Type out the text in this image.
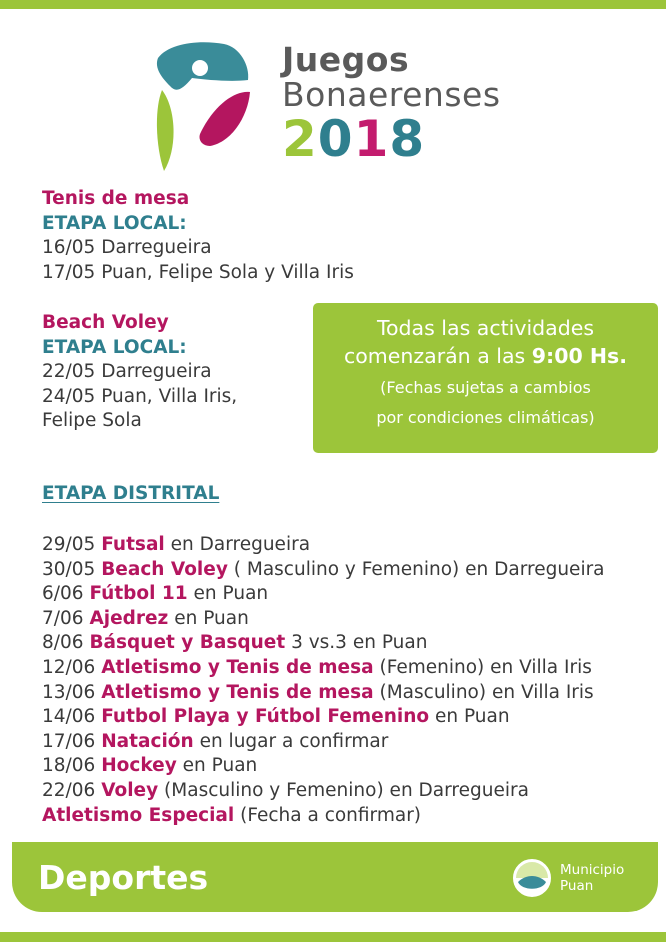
Juegos
Bonaerenses
2018
Tenis de mesa
ETAPA LOCAL:
16/05 Darregueira
17/05 Puan, Felipe Sola y Villa Iris
Beach Voley
ETAPA LOCAL:
22/05 Darregueira
24/05 Puan, Villa Iris,
Felipe Sola
Todas las actividades
comenzarán a las 9:00 Hs.
(Fechas sujetas a cambios
por condiciones climáticas)
ETAPA DISTRITAL
29/05 Futsal en Darregueira
30/05 Beach Voley ( Masculino y Femenino) en Darregueira
6/06 Fútbol 11 en Puan
7/06 Ajedrez en Puan
8/06 Básquet y Basquet 3 vs.3 en Puan
12/06 Atletismo y Tenis de mesa (Femenino) en Villa Iris
13/06 Atletismo y Tenis de mesa (Masculino) en Villa Iris
14/06 Futbol Playa y Fútbol Femenino en Puan
17/06 Natación en lugar a confirmar
18/06 Hockey en Puan
22/06 Voley (Masculino y Femenino) en Darregueira
Atletismo Especial (Fecha a confirmar)
Deportes	Municipio
Puan
